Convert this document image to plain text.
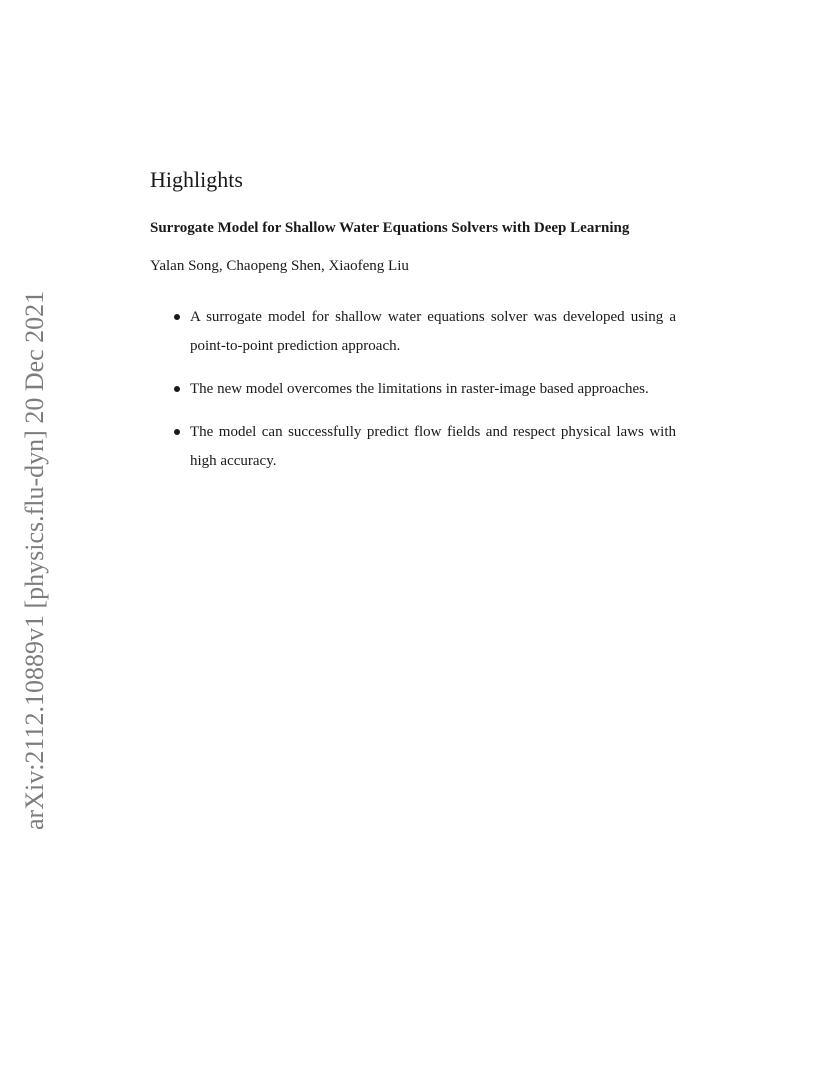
arXiv:2112.10889v1 [physics.flu-dyn] 20 Dec 2021
Highlights
Surrogate Model for Shallow Water Equations Solvers with Deep Learning
Yalan Song, Chaopeng Shen, Xiaofeng Liu
A surrogate model for shallow water equations solver was developed using a point-to-point prediction approach.
The new model overcomes the limitations in raster-image based approaches.
The model can successfully predict flow fields and respect physical laws with high accuracy.
